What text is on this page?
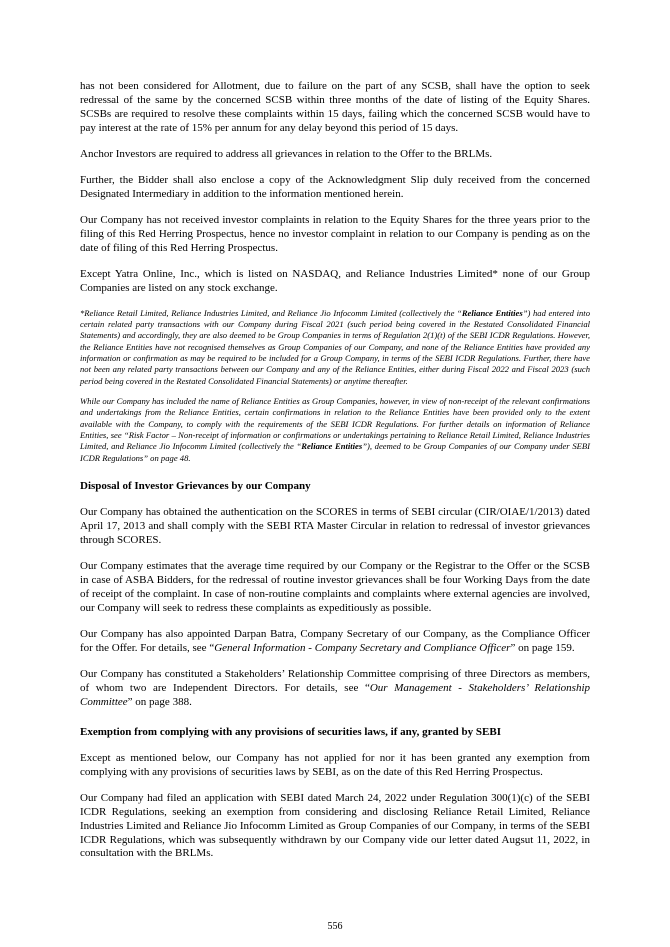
has not been considered for Allotment, due to failure on the part of any SCSB, shall have the option to seek redressal of the same by the concerned SCSB within three months of the date of listing of the Equity Shares. SCSBs are required to resolve these complaints within 15 days, failing which the concerned SCSB would have to pay interest at the rate of 15% per annum for any delay beyond this period of 15 days.

Anchor Investors are required to address all grievances in relation to the Offer to the BRLMs.

Further, the Bidder shall also enclose a copy of the Acknowledgment Slip duly received from the concerned Designated Intermediary in addition to the information mentioned herein.

Our Company has not received investor complaints in relation to the Equity Shares for the three years prior to the filing of this Red Herring Prospectus, hence no investor complaint in relation to our Company is pending as on the date of filing of this Red Herring Prospectus.

Except Yatra Online, Inc., which is listed on NASDAQ, and Reliance Industries Limited* none of our Group Companies are listed on any stock exchange.

*Reliance Retail Limited, Reliance Industries Limited, and Reliance Jio Infocomm Limited (collectively the “Reliance Entities”) had entered into certain related party transactions with our Company during Fiscal 2021 (such period being covered in the Restated Consolidated Financial Statements) and accordingly, they are also deemed to be Group Companies in terms of Regulation 2(1)(t) of the SEBI ICDR Regulations. However, the Reliance Entities have not recognised themselves as Group Companies of our Company, and none of the Reliance Entities have provided any information or confirmation as may be required to be included for a Group Company, in terms of the SEBI ICDR Regulations. Further, there have not been any related party transactions between our Company and any of the Reliance Entities, either during Fiscal 2022 and Fiscal 2023 (such period being covered in the Restated Consolidated Financial Statements) or anytime thereafter.

While our Company has included the name of Reliance Entities as Group Companies, however, in view of non-receipt of the relevant confirmations and undertakings from the Reliance Entities, certain confirmations in relation to the Reliance Entities have been provided only to the extent available with the Company, to comply with the requirements of the SEBI ICDR Regulations. For further details on information of Reliance Entities, see “Risk Factor – Non-receipt of information or confirmations or undertakings pertaining to Reliance Retail Limited, Reliance Industries Limited, and Reliance Jio Infocomm Limited (collectively the “Reliance Entities”), deemed to be Group Companies of our Company under SEBI ICDR Regulations” on page 48.

Disposal of Investor Grievances by our Company

Our Company has obtained the authentication on the SCORES in terms of SEBI circular (CIR/OIAE/1/2013) dated April 17, 2013 and shall comply with the SEBI RTA Master Circular in relation to redressal of investor grievances through SCORES.

Our Company estimates that the average time required by our Company or the Registrar to the Offer or the SCSB in case of ASBA Bidders, for the redressal of routine investor grievances shall be four Working Days from the date of receipt of the complaint. In case of non-routine complaints and complaints where external agencies are involved, our Company will seek to redress these complaints as expeditiously as possible.

Our Company has also appointed Darpan Batra, Company Secretary of our Company, as the Compliance Officer for the Offer. For details, see “General Information - Company Secretary and Compliance Officer” on page 159.

Our Company has constituted a Stakeholders’ Relationship Committee comprising of three Directors as members, of whom two are Independent Directors. For details, see “Our Management - Stakeholders’ Relationship Committee” on page 388.

Exemption from complying with any provisions of securities laws, if any, granted by SEBI

Except as mentioned below, our Company has not applied for nor it has been granted any exemption from complying with any provisions of securities laws by SEBI, as on the date of this Red Herring Prospectus.

Our Company had filed an application with SEBI dated March 24, 2022 under Regulation 300(1)(c) of the SEBI ICDR Regulations, seeking an exemption from considering and disclosing Reliance Retail Limited, Reliance Industries Limited and Reliance Jio Infocomm Limited as Group Companies of our Company, in terms of the SEBI ICDR Regulations, which was subsequently withdrawn by our Company vide our letter dated Augsut 11, 2022, in consultation with the BRLMs.

556
